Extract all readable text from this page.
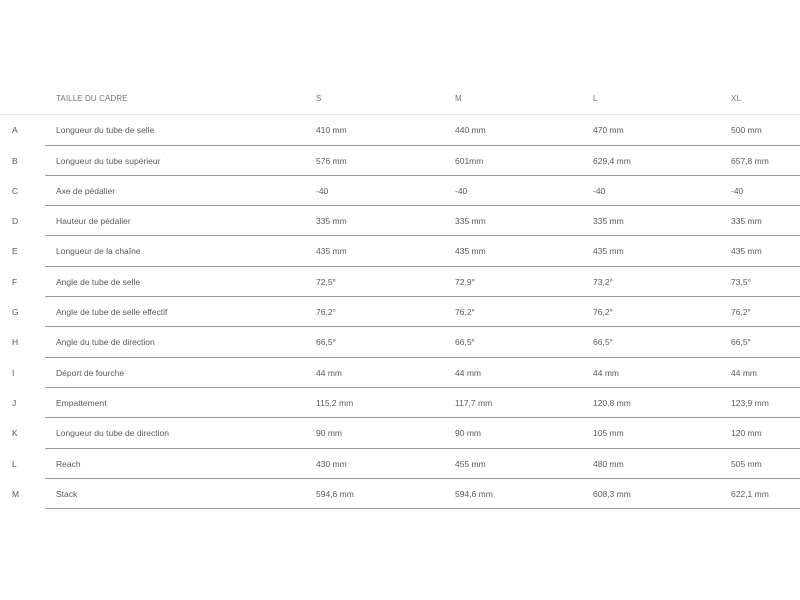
TAILLE DU CADRE	S	M	L	XL
A	Longueur du tube de selle	410 mm	440 mm	470 mm	500 mm
B	Longueur du tube supérieur	576 mm	601mm	629,4 mm	657,8 mm
C	Axe de pédalier	-40	-40	-40	-40
D	Hauteur de pédalier	335 mm	335 mm	335 mm	335 mm
E	Longueur de la chaîne	435 mm	435 mm	435 mm	435 mm
F	Angle de tube de selle	72,5°	72,9°	73,2°	73,5°
G	Angle de tube de selle effectif	76,2°	76,2°	76,2°	76,2°
H	Angle du tube de direction	66,5°	66,5°	66,5°	66,5°
I	Déport de fourche	44 mm	44 mm	44 mm	44 mm
J	Empattement	115,2 mm	117,7 mm	120,8 mm	123,9 mm
K	Longueur du tube de direction	90 mm	90 mm	105 mm	120 mm
L	Reach	430 mm	455 mm	480 mm	505 mm
M	Stack	594,6 mm	594,6 mm	608,3 mm	622,1 mm
